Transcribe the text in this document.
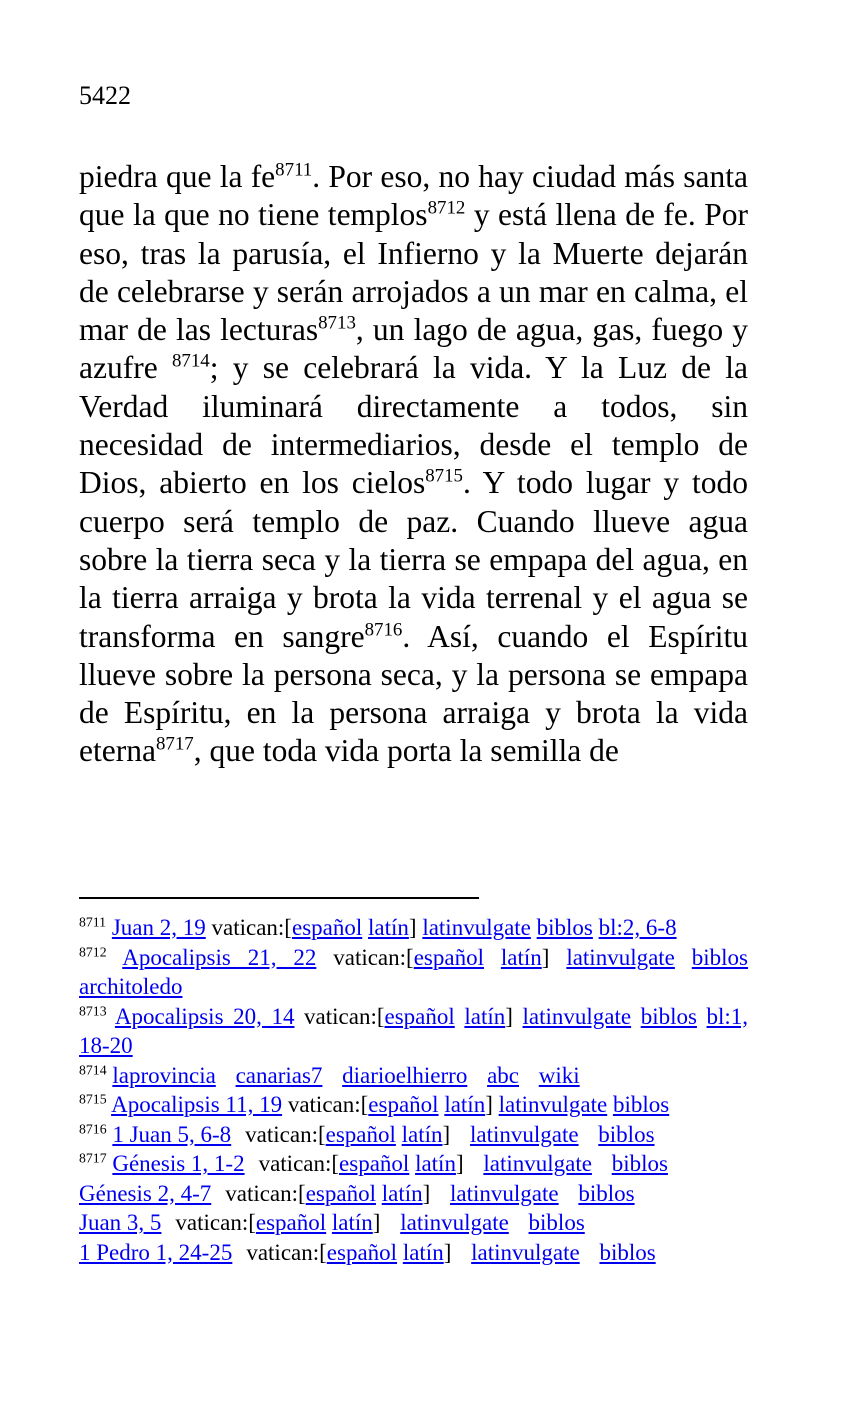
5422

piedra que la $fe^{8711}$. Por eso, no hay ciudad más santa que la que no tiene templos$^{8712}$ y está llena de fe. Por eso, tras la parusía, el Infierno y la Muerte dejarán de celebrarse y serán arrojados a un mar en calma, el mar de las lecturas$^{8713}$, un lago de agua, gas, fuego y azufre $^{8714}$; y se celebrará la vida. Y la Luz de la Verdad iluminará directamente a todos, sin necesidad de intermediarios, desde el templo de Dios, abierto en los cielos$^{8715}$. Y todo lugar y todo cuerpo será templo de paz. Cuando llueve agua sobre la tierra seca y la tierra se empapa del agua, en la tierra arraiga y brota la vida terrenal y el agua se transforma en sangre$^{8716}$. Así, cuando el Espíritu llueve sobre la persona seca, y la persona se empapa de Espíritu, en la persona arraiga y brota la vida eterna$^{8717}$, que toda vida porta la semilla de

$^{8711}$ Juan 2, 19 vatican:[español latín] latinvulgate biblos bl:2, 6-8

$^{8712}$ Apocalipsis 21, 22 vatican:[español latín] latinvulgate biblos architoledo

$^{8713}$ Apocalipsis 20, 14 vatican:[español latín] latinvulgate biblos bl:1, 18-20

$^{8714}$ laprovincia canarias7 diarioelhierro abc wiki

$^{8715}$ Apocalipsis 11, 19 vatican:[español latín] latinvulgate biblos

$^{8716}$ 1 Juan 5, 6-8 vatican:[español latín] latinvulgate biblos

$^{8717}$ Génesis 1, 1-2 vatican:[español latín] latinvulgate biblos
Génesis 2, 4-7 vatican:[español latín] latinvulgate biblos
Juan 3, 5 vatican:[español latín] latinvulgate biblos
1 Pedro 1, 24-25 vatican:[español latín] latinvulgate biblos
